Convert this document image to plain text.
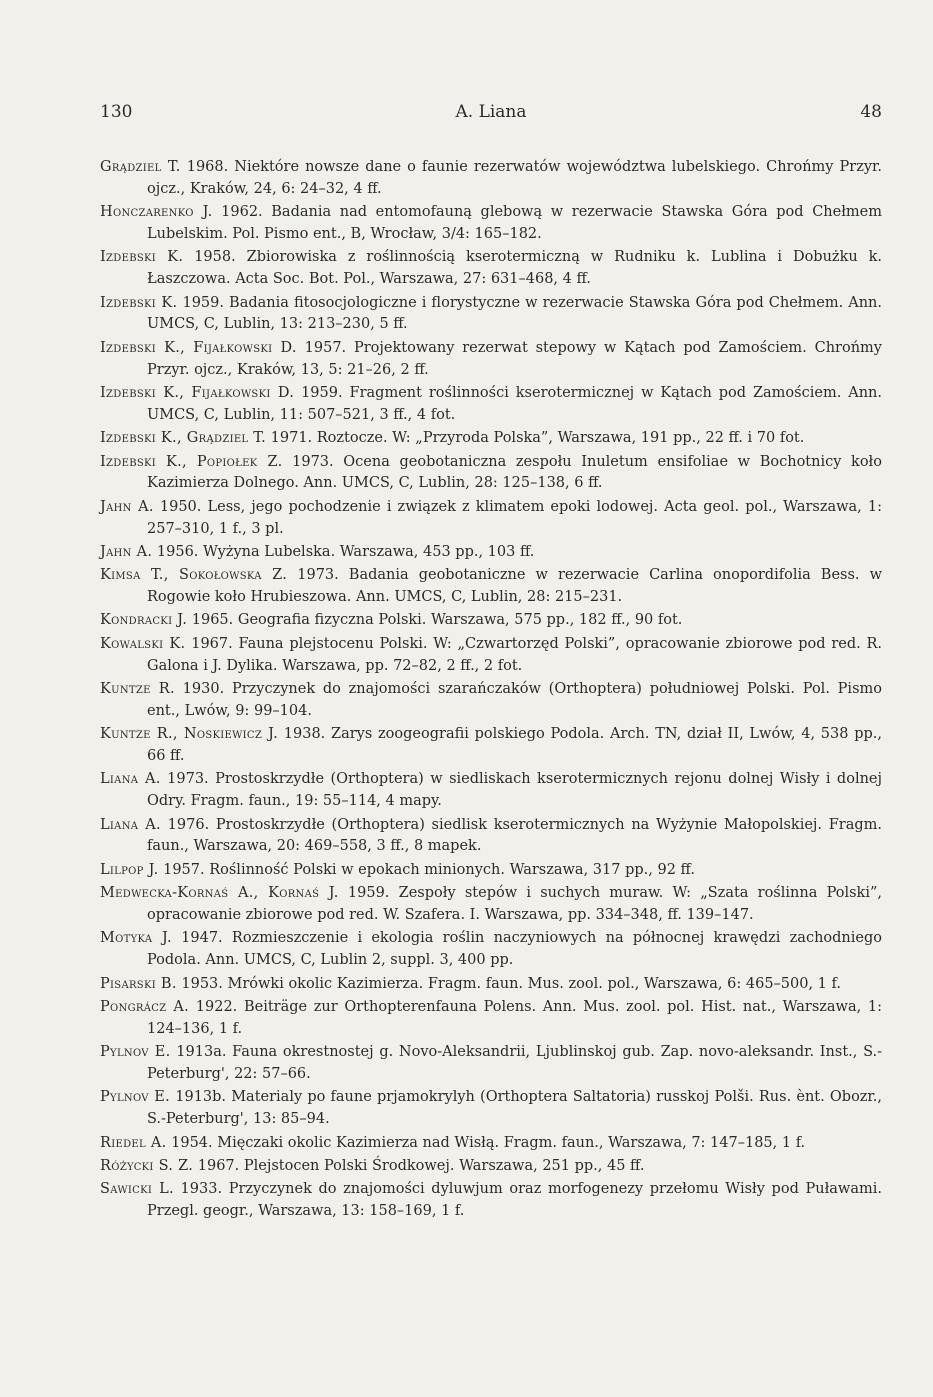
130	A. Liana	48

Grądziel T. 1968. Niektóre nowsze dane o faunie rezerwatów województwa lubelskiego. Chrońmy Przyr. ojcz., Kraków, 24, 6: 24–32, 4 ff.

Honczarenko J. 1962. Badania nad entomofauną glebową w rezerwacie Stawska Góra pod Chełmem Lubelskim. Pol. Pismo ent., B, Wrocław, 3/4: 165–182.

Izdebski K. 1958. Zbiorowiska z roślinnością kserotermiczną w Rudniku k. Lublina i Dobużku k. Łaszczowa. Acta Soc. Bot. Pol., Warszawa, 27: 631–468, 4 ff.

Izdebski K. 1959. Badania fitosocjologiczne i florystyczne w rezerwacie Stawska Góra pod Chełmem. Ann. UMCS, C, Lublin, 13: 213–230, 5 ff.

Izdebski K., Fijałkowski D. 1957. Projektowany rezerwat stepowy w Kątach pod Zamościem. Chrońmy Przyr. ojcz., Kraków, 13, 5: 21–26, 2 ff.

Izdebski K., Fijałkowski D. 1959. Fragment roślinności kserotermicznej w Kątach pod Zamościem. Ann. UMCS, C, Lublin, 11: 507–521, 3 ff., 4 fot.

Izdebski K., Grądziel T. 1971. Roztocze. W: „Przyroda Polska”, Warszawa, 191 pp., 22 ff. i 70 fot.

Izdebski K., Popiołek Z. 1973. Ocena geobotaniczna zespołu Inuletum ensifoliae w Bochotnicy koło Kazimierza Dolnego. Ann. UMCS, C, Lublin, 28: 125–138, 6 ff.

Jahn A. 1950. Less, jego pochodzenie i związek z klimatem epoki lodowej. Acta geol. pol., Warszawa, 1: 257–310, 1 f., 3 pl.

Jahn A. 1956. Wyżyna Lubelska. Warszawa, 453 pp., 103 ff.

Kimsa T., Sokołowska Z. 1973. Badania geobotaniczne w rezerwacie Carlina onopordifolia Bess. w Rogowie koło Hrubieszowa. Ann. UMCS, C, Lublin, 28: 215–231.

Kondracki J. 1965. Geografia fizyczna Polski. Warszawa, 575 pp., 182 ff., 90 fot.

Kowalski K. 1967. Fauna plejstocenu Polski. W: „Czwartorzęd Polski”, opracowanie zbiorowe pod red. R. Galona i J. Dylika. Warszawa, pp. 72–82, 2 ff., 2 fot.

Kuntze R. 1930. Przyczynek do znajomości szarańczaków (Orthoptera) południowej Polski. Pol. Pismo ent., Lwów, 9: 99–104.

Kuntze R., Noskiewicz J. 1938. Zarys zoogeografii polskiego Podola. Arch. TN, dział II, Lwów, 4, 538 pp., 66 ff.

Liana A. 1973. Prostoskrzydłe (Orthoptera) w siedliskach kserotermicznych rejonu dolnej Wisły i dolnej Odry. Fragm. faun., 19: 55–114, 4 mapy.

Liana A. 1976. Prostoskrzydłe (Orthoptera) siedlisk kserotermicznych na Wyżynie Małopolskiej. Fragm. faun., Warszawa, 20: 469–558, 3 ff., 8 mapek.

Lilpop J. 1957. Roślinność Polski w epokach minionych. Warszawa, 317 pp., 92 ff.

Medwecka-Kornaś A., Kornaś J. 1959. Zespoły stepów i suchych muraw. W: „Szata roślinna Polski”, opracowanie zbiorowe pod red. W. Szafera. I. Warszawa, pp. 334–348, ff. 139–147.

Motyka J. 1947. Rozmieszczenie i ekologia roślin naczyniowych na północnej krawędzi zachodniego Podola. Ann. UMCS, C, Lublin 2, suppl. 3, 400 pp.

Pisarski B. 1953. Mrówki okolic Kazimierza. Fragm. faun. Mus. zool. pol., Warszawa, 6: 465–500, 1 f.

Pongrácz A. 1922. Beiträge zur Orthopterenfauna Polens. Ann. Mus. zool. pol. Hist. nat., Warszawa, 1: 124–136, 1 f.

Pylnov E. 1913a. Fauna okrestnostej g. Novo-Aleksandrii, Ljublinskoj gub. Zap. novo-aleksandr. Inst., S.-Peterburg', 22: 57–66.

Pylnov E. 1913b. Materialy po faune prjamokrylyh (Orthoptera Saltatoria) russkoj Polši. Rus. ènt. Obozr., S.-Peterburg', 13: 85–94.

Riedel A. 1954. Mięczaki okolic Kazimierza nad Wisłą. Fragm. faun., Warszawa, 7: 147–185, 1 f.

Różycki S. Z. 1967. Plejstocen Polski Środkowej. Warszawa, 251 pp., 45 ff.

Sawicki L. 1933. Przyczynek do znajomości dyluwjum oraz morfogenezy przełomu Wisły pod Puławami. Przegl. geogr., Warszawa, 13: 158–169, 1 f.
